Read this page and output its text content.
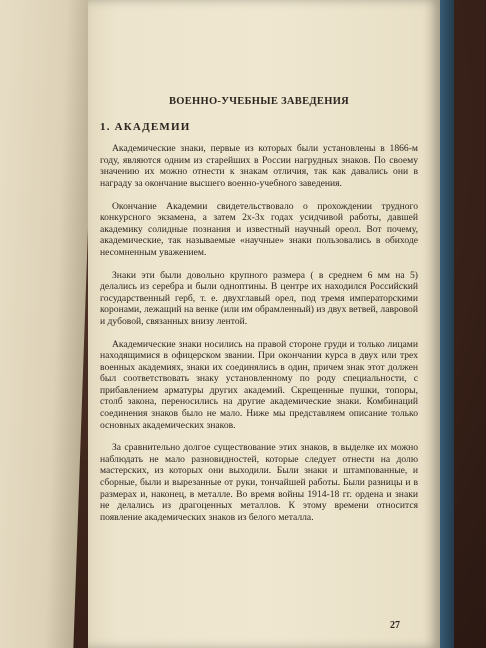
ВОЕННО-УЧЕБНЫЕ ЗАВЕДЕНИЯ
1. АКАДЕМИИ

Академические знаки, первые из которых были установлены в 1866-м году, являются одним из старейших в России нагрудных знаков. По своему значению их можно отнести к знакам отличия, так как давались они в награду за окончание высшего военно-учебного заведения.

Окончание Академии свидетельствовало о прохождении трудного конкурсного экзамена, а затем 2х-3х годах усидчивой работы, давшей академику солидные познания и известный научный ореол. Вот почему, академические, так называемые «научные» знаки пользовались в обиходе несомненным уважением.

Знаки эти были довольно крупного размера ( в среднем 6 мм на 5) делались из серебра и были одноптины. В центре их находился Российский государственный герб, т. е. двухглавый орел, под тремя императорскими коронами, лежащий на венке (или им обрамленный) из двух ветвей, лавровой и дубовой, связанных внизу лентой.

Академические знаки носились на правой стороне груди и только лицами находящимися в офицерском звании. При окончании курса в двух или трех военных академиях, знаки их соединялись в один, причем знак этот должен был соответствовать знаку установленному по роду специальности, с прибавлением арматуры других академий. Скрещенные пушки, топоры, столб закона, переносились на другие академические знаки. Комбинаций соединения знаков было не мало. Ниже мы представляем описание только основных академических знаков.

За сравнительно долгое существование этих знаков, в выделке их можно наблюдать не мало разновидностей, которые следует отнести на долю мастерских, из которых они выходили. Были знаки и штампованные, и сборные, были и вырезанные от руки, тончайшей работы. Были разницы и в размерах и, наконец, в металле. Во время войны 1914-18 гг. ордена и знаки не делались из драгоценных металлов. К этому времени относится появление академических знаков из белого металла.

27
